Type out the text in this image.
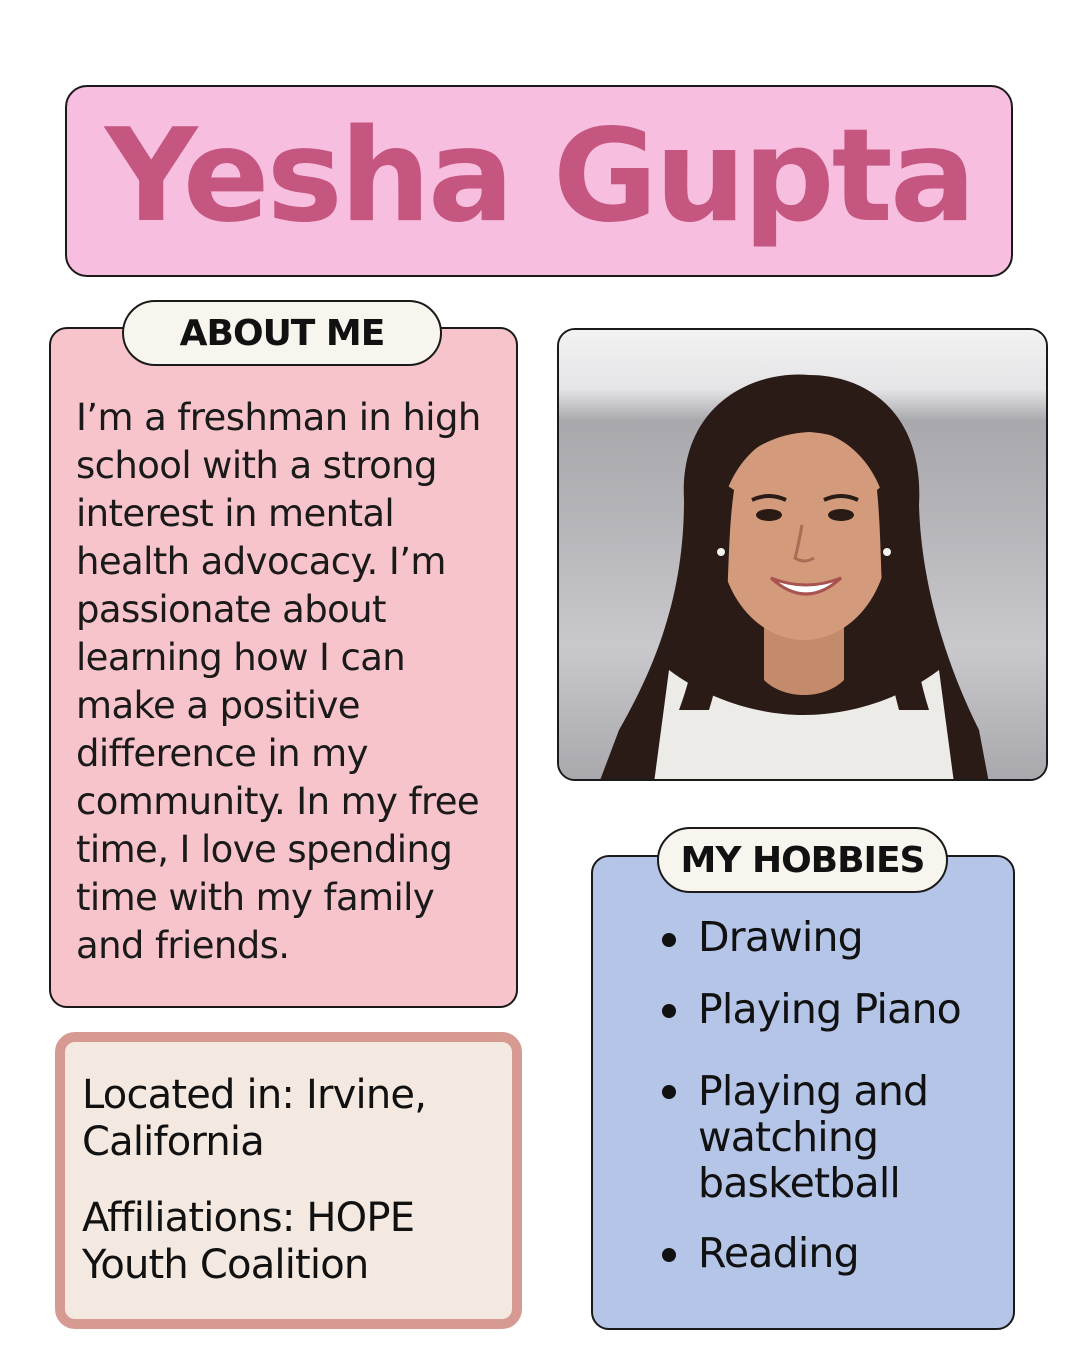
Yesha Gupta
ABOUT ME

I’m a freshman in high school with a strong interest in mental health advocacy. I’m passionate about learning how I can make a positive difference in my community. In my free time, I love spending time with my family and friends.

Located in: Irvine, California

Affiliations: HOPE Youth Coalition

MY HOBBIES
Drawing
Playing Piano
Playing and watching basketball
Reading
